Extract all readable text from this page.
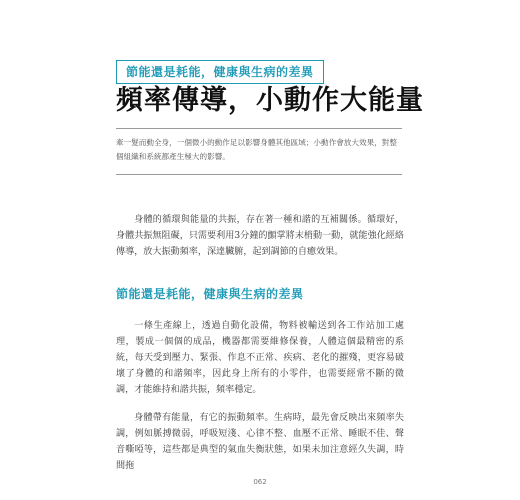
節能還是耗能，健康與生病的差異
頻率傳導，小動作大能量
牽一髮而動全身，一個微小的動作足以影響身體其他區域；小動作會放大效果，對整
個組織和系統都產生極大的影響。

身體的循環與能量的共振，存在著一種和諧的互補關係。循環好，身體共振無阻礙，只需要利用3分鐘的顫掌將末梢動一動，就能強化經絡傳導，放大振動頻率，深達臟腑，起到調節的自癒效果。

節能還是耗能，健康與生病的差異

一條生產線上，透過自動化設備，物料被輸送到各工作站加工處理，製成一個個的成品，機器都需要維修保養，人體這個最精密的系統，每天受到壓力、緊張、作息不正常、疾病、老化的摧殘，更容易破壞了身體的和諧頻率，因此身上所有的小零件，也需要經常不斷的微調，才能維持和諧共振，頻率穩定。

身體帶有能量，有它的振動頻率。生病時，最先會反映出來頻率失調，例如脈搏微弱，呼吸短淺、心律不整、血壓不正常、睡眠不佳、聲音嘶啞等，這些都是典型的氣血失衡狀態，如果未加注意經久失調，時間拖

062
